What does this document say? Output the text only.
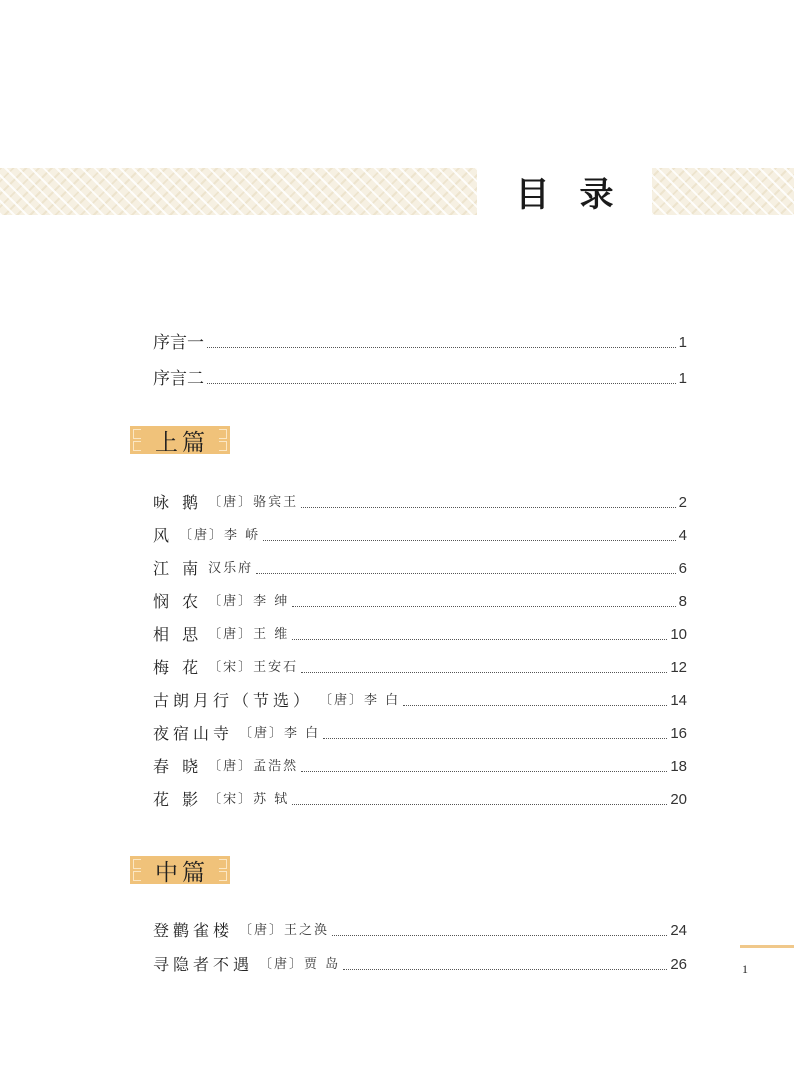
目录
序言一	1
序言二	1
上篇
咏 鹅 〔唐〕骆宾王	2
风 〔唐〕李 峤	4
江 南 汉乐府	6
悯 农 〔唐〕李 绅	8
相 思 〔唐〕王 维	10
梅 花 〔宋〕王安石	12
古朗月行（节选） 〔唐〕李 白	14
夜宿山寺 〔唐〕李 白	16
春 晓 〔唐〕孟浩然	18
花 影 〔宋〕苏 轼	20
中篇
登鹳雀楼 〔唐〕王之涣	24
寻隐者不遇 〔唐〕贾 岛	26	1
